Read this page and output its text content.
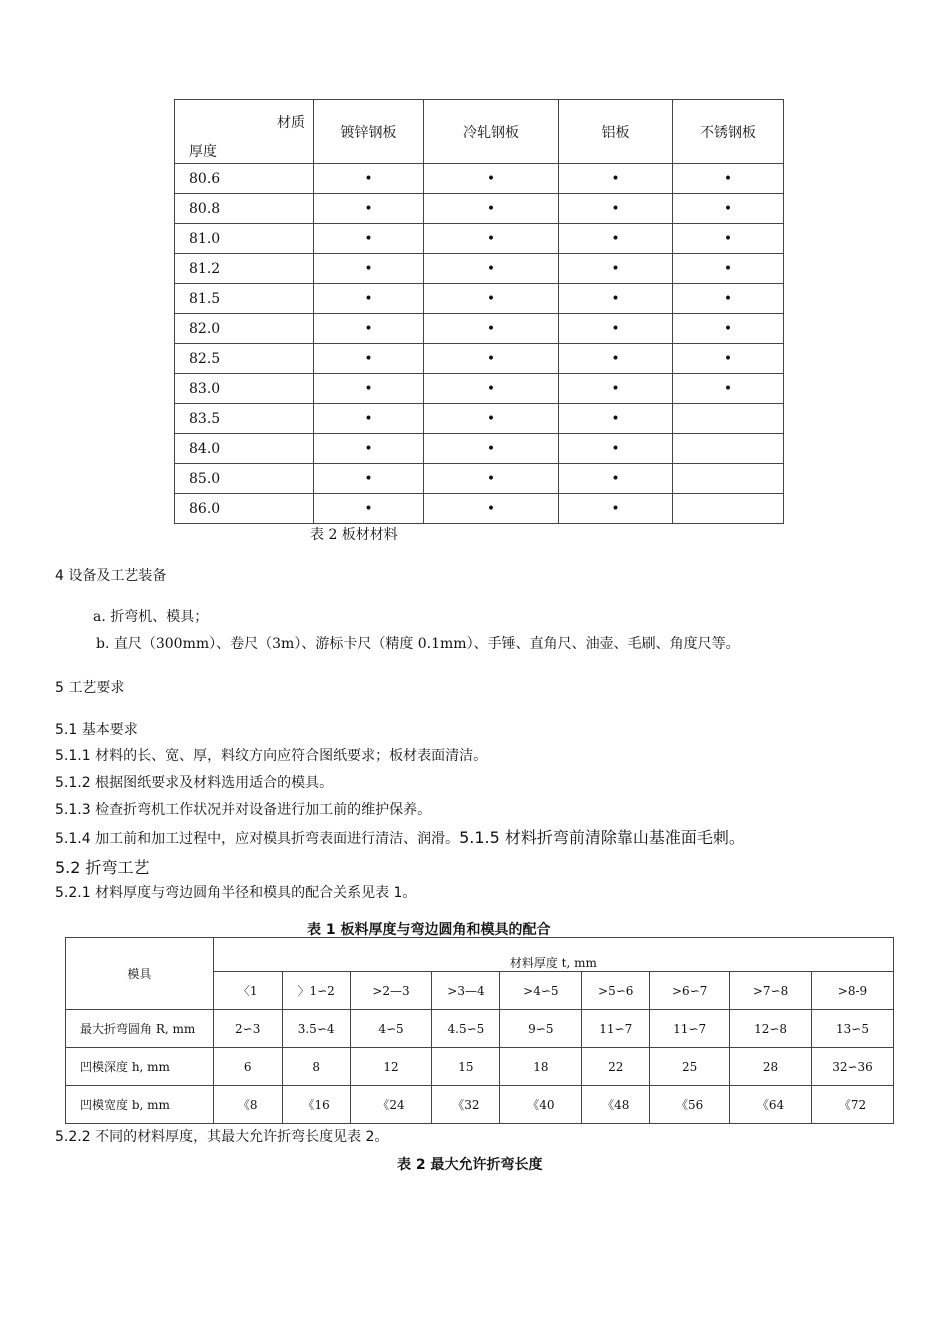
材质
厚度	镀锌钢板	冷轧钢板	铝板	不锈钢板
80.6	•	•	•	•
80.8	•	•	•	•
81.0	•	•	•	•
81.2	•	•	•	•
81.5	•	•	•	•
82.0	•	•	•	•
82.5	•	•	•	•
83.0	•	•	•	•
83.5	•	•	•	
84.0	•	•	•	
85.0	•	•	•	
86.0	•	•	•	
表 2 板材材料
4 设备及工艺装备
a. 折弯机、模具；
b. 直尺（300mm）、卷尺（3m）、游标卡尺（精度 0.1mm）、手锤、直角尺、油壶、毛刷、角度尺等。
5 工艺要求
5.1 基本要求
5.1.1 材料的长、宽、厚，料纹方向应符合图纸要求；板材表面清洁。
5.1.2 根据图纸要求及材料选用适合的模具。
5.1.3 检查折弯机工作状况并对设备进行加工前的维护保养。
5.1.4 加工前和加工过程中，应对模具折弯表面进行清洁、润滑。5.1.5 材料折弯前清除靠山基准面毛刺。
5.2 折弯工艺
5.2.1 材料厚度与弯边圆角半径和模具的配合关系见表 1。
表 1 板料厚度与弯边圆角和模具的配合
模具	材料厚度 t, mm								
	〈1	〉1∽2	>2—3	>3—4	>4∽5	>5∽6	>6∽7	>7∽8	>8-9
最大折弯圆角 R, mm	2∽3	3.5∽4	4∽5	4.5∽5	9∽5	11∽7	11∽7	12∽8	13∽5
凹模深度 h, mm	6	8	12	15	18	22	25	28	32∽36
凹模宽度 b, mm	《8	《16	《24	《32	《40	《48	《56	《64	《72
5.2.2 不同的材料厚度，其最大允许折弯长度见表 2。
表 2 最大允许折弯长度
